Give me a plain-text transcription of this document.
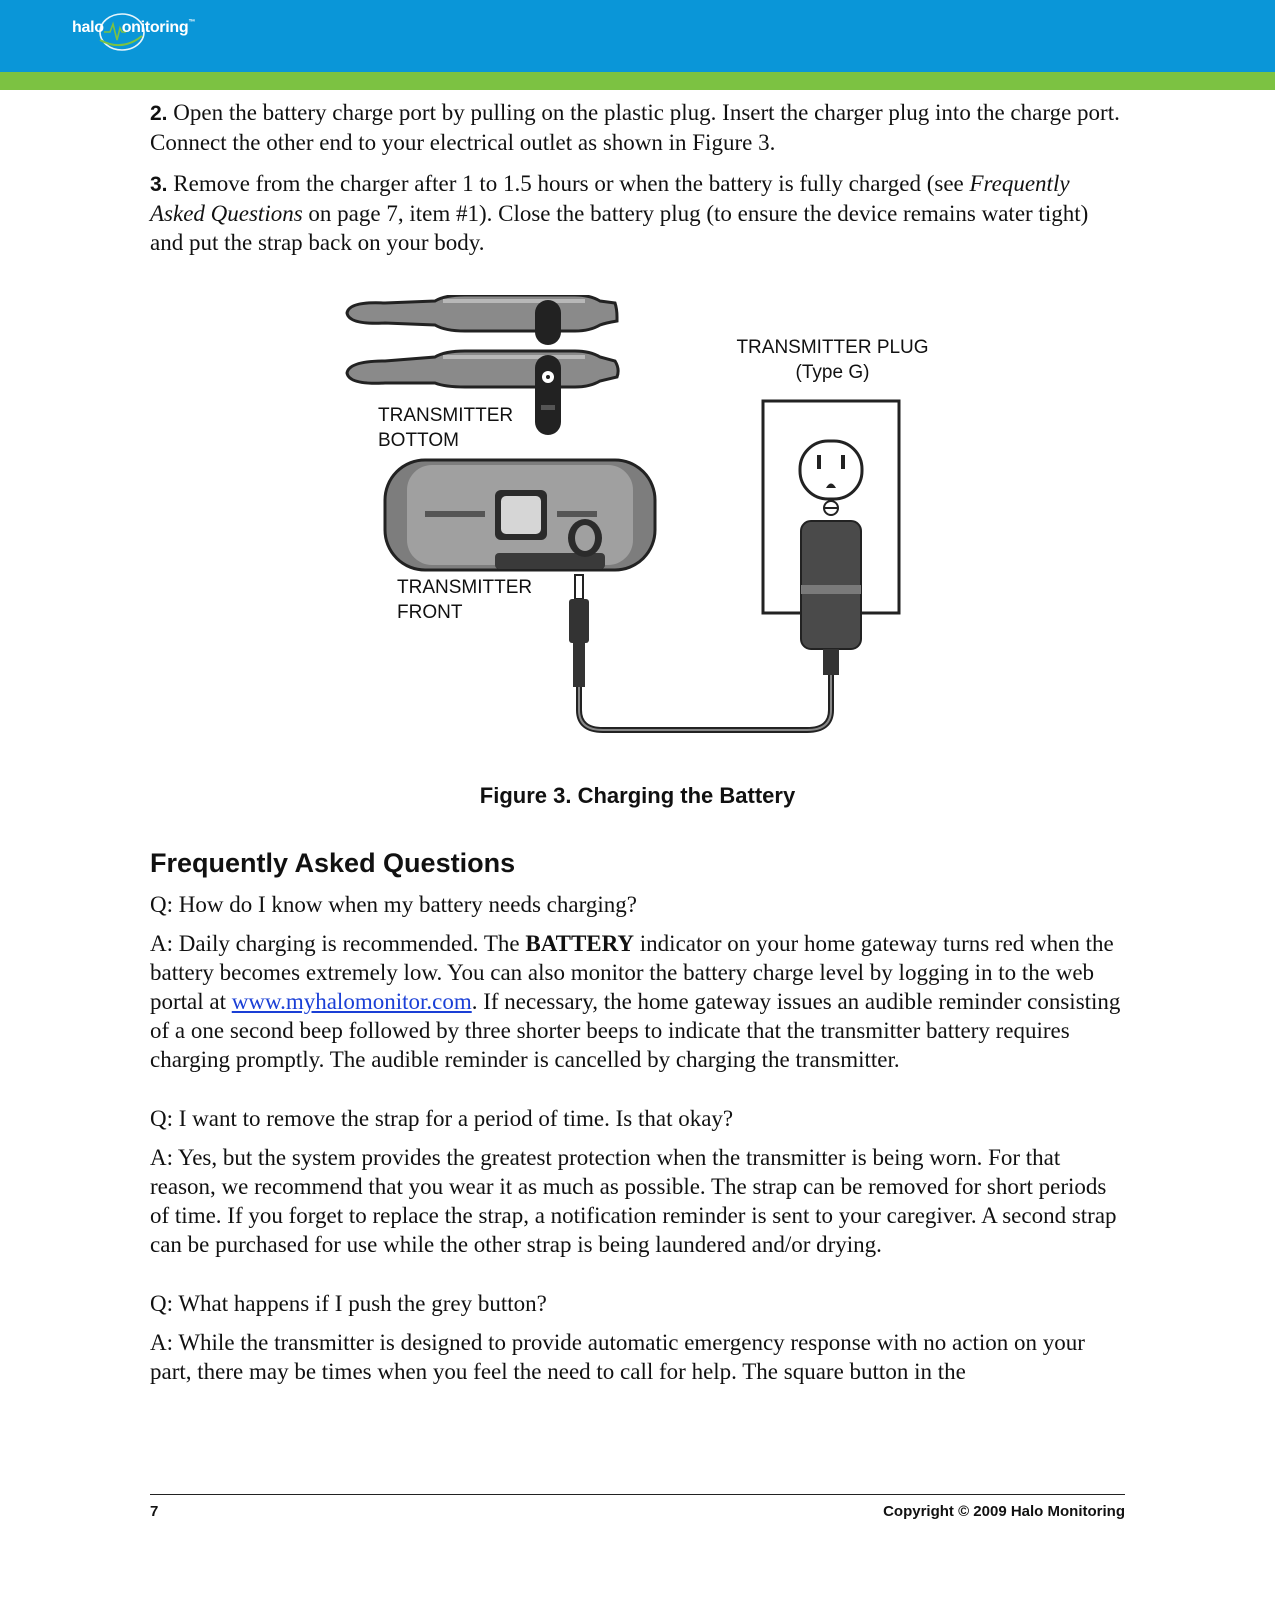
halo onitoring™

2. Open the battery charge port by pulling on the plastic plug. Insert the charger plug into the charge port. Connect the other end to your electrical outlet as shown in Figure 3.

3. Remove from the charger after 1 to 1.5 hours or when the battery is fully charged (see Frequently Asked Questions on page 7, item #1). Close the battery plug (to ensure the device remains water tight) and put the strap back on your body.

TRANSMITTER PLUG
(Type G)
TRANSMITTER
BOTTOM
TRANSMITTER
FRONT
Figure 3. Charging the Battery
Frequently Asked Questions

Q: How do I know when my battery needs charging?

A: Daily charging is recommended. The BATTERY indicator on your home gateway turns red when the battery becomes extremely low. You can also monitor the battery charge level by logging in to the web portal at www.myhalomonitor.com. If necessary, the home gateway issues an audible reminder consisting of a one second beep followed by three shorter beeps to indicate that the transmitter battery requires charging promptly. The audible reminder is cancelled by charging the transmitter.

Q: I want to remove the strap for a period of time. Is that okay?

A: Yes, but the system provides the greatest protection when the transmitter is being worn. For that reason, we recommend that you wear it as much as possible. The strap can be removed for short periods of time. If you forget to replace the strap, a notification reminder is sent to your caregiver. A second strap can be purchased for use while the other strap is being laundered and/or drying.

Q: What happens if I push the grey button?

A: While the transmitter is designed to provide automatic emergency response with no action on your part, there may be times when you feel the need to call for help. The square button in the

7	Copyright © 2009 Halo Monitoring
